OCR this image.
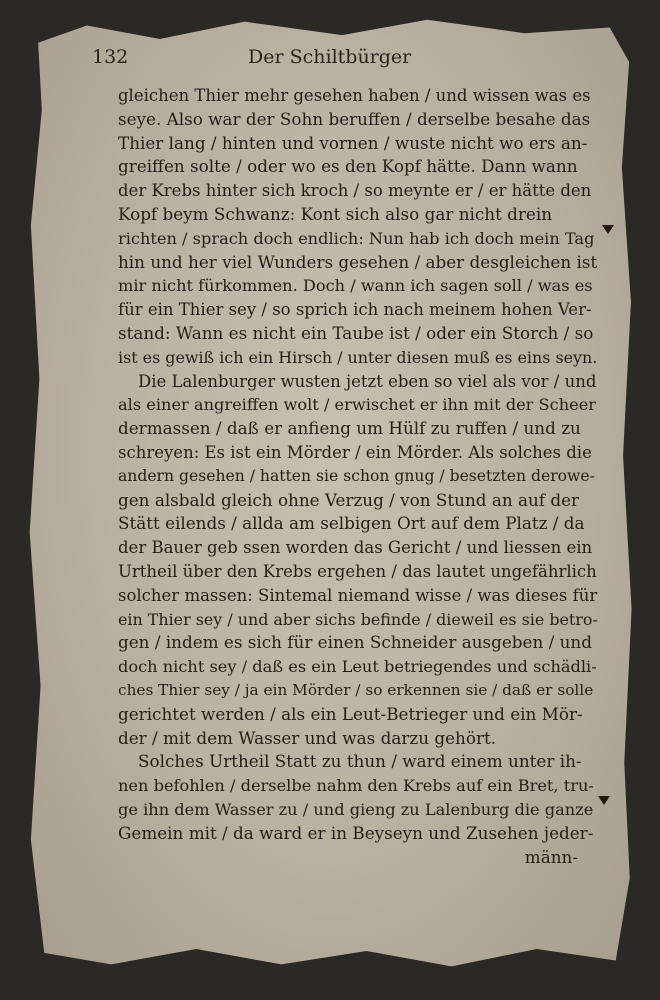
132	Der Schiltbürger
gleichen Thier mehr gesehen haben / und wissen was es
seye. Also war der Sohn beruffen / derselbe besahe das
Thier lang / hinten und vornen / wuste nicht wo ers an-
greiffen solte / oder wo es den Kopf hätte. Dann wann
der Krebs hinter sich kroch / so meynte er / er hätte den
Kopf beym Schwanz: Kont sich also gar nicht drein
richten / sprach doch endlich: Nun hab ich doch mein Tag
hin und her viel Wunders gesehen / aber desgleichen ist
mir nicht fürkommen. Doch / wann ich sagen soll / was es
für ein Thier sey / so sprich ich nach meinem hohen Ver-
stand: Wann es nicht ein Taube ist / oder ein Storch / so
ist es gewiß ich ein Hirsch / unter diesen muß es eins seyn.
Die Lalenburger wusten jetzt eben so viel als vor / und
als einer angreiffen wolt / erwischet er ihn mit der Scheer
dermassen / daß er anfieng um Hülf zu ruffen / und zu
schreyen: Es ist ein Mörder / ein Mörder. Als solches die
andern gesehen / hatten sie schon gnug / besetzten derowe-
gen alsbald gleich ohne Verzug / von Stund an auf der
Stätt eilends / allda am selbigen Ort auf dem Platz / da
der Bauer geb ssen worden das Gericht / und liessen ein
Urtheil über den Krebs ergehen / das lautet ungefährlich
solcher massen: Sintemal niemand wisse / was dieses für
ein Thier sey / und aber sichs befinde / dieweil es sie betro-
gen / indem es sich für einen Schneider ausgeben / und
doch nicht sey / daß es ein Leut betriegendes und schädli-
ches Thier sey / ja ein Mörder / so erkennen sie / daß er solle
gerichtet werden / als ein Leut-Betrieger und ein Mör-
der / mit dem Wasser und was darzu gehört.
Solches Urtheil Statt zu thun / ward einem unter ih-
nen befohlen / derselbe nahm den Krebs auf ein Bret, tru-
ge ihn dem Wasser zu / und gieng zu Lalenburg die ganze
Gemein mit / da ward er in Beyseyn und Zusehen jeder-
männ-
